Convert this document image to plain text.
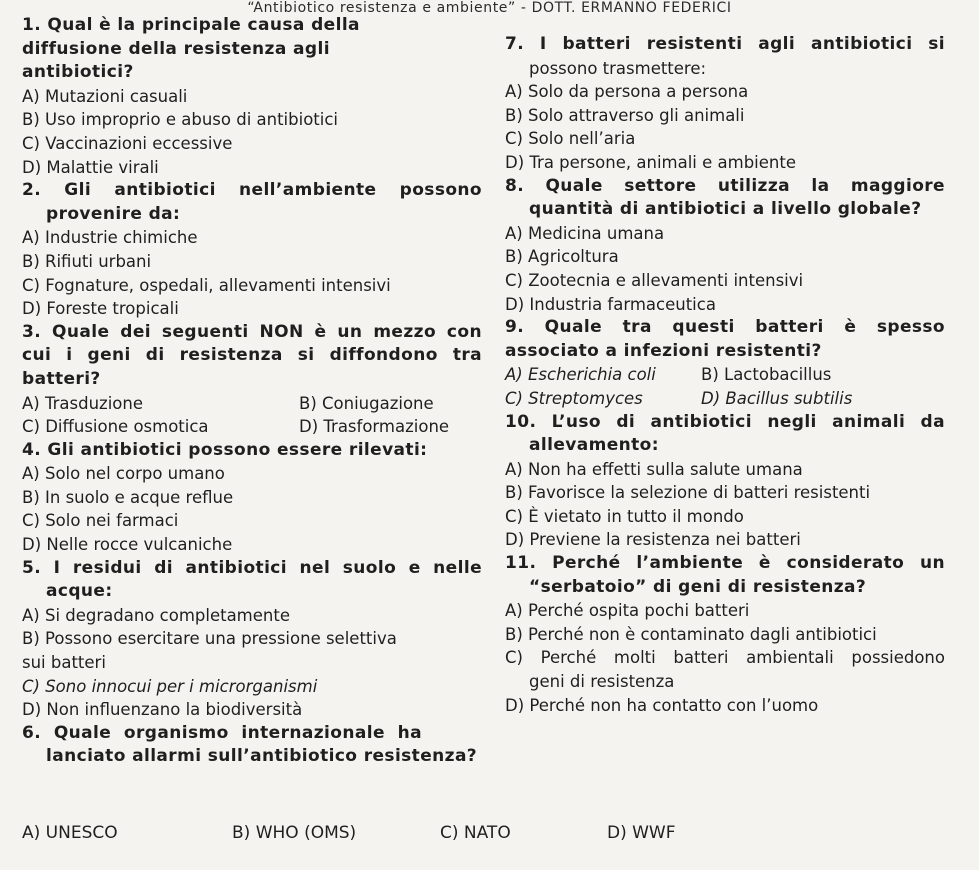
“Antibiotico resistenza e ambiente” - DOTT. ERMANNO FEDERICI
1. Qual è la principale causa della
diffusione della resistenza agli
antibiotici?
A) Mutazioni casuali
B) Uso improprio e abuso di antibiotici
C) Vaccinazioni eccessive
D) Malattie virali
2. Gli antibiotici nell’ambiente possono
provenire da:
A) Industrie chimiche
B) Rifiuti urbani
C) Fognature, ospedali, allevamenti intensivi
D) Foreste tropicali
3. Quale dei seguenti NON è un mezzo con
cui i geni di resistenza si diffondono tra
batteri?
A) Trasduzione	B) Coniugazione
C) Diffusione osmotica	D) Trasformazione
4. Gli antibiotici possono essere rilevati:
A) Solo nel corpo umano
B) In suolo e acque reflue
C) Solo nei farmaci
D) Nelle rocce vulcaniche
5. I residui di antibiotici nel suolo e nelle
acque:
A) Si degradano completamente
B) Possono esercitare una pressione selettiva
sui batteri
C) Sono innocui per i microrganismi
D) Non influenzano la biodiversità
6. Quale organismo internazionale ha
lanciato allarmi sull’antibiotico resistenza?
A) UNESCO	B) WHO (OMS)	C) NATO	D) WWF
7. I batteri resistenti agli antibiotici si
possono trasmettere:
A) Solo da persona a persona
B) Solo attraverso gli animali
C) Solo nell’aria
D) Tra persone, animali e ambiente
8. Quale settore utilizza la maggiore
quantità di antibiotici a livello globale?
A) Medicina umana
B) Agricoltura
C) Zootecnia e allevamenti intensivi
D) Industria farmaceutica
9. Quale tra questi batteri è spesso
associato a infezioni resistenti?
A) Escherichia coli	B) Lactobacillus
C) Streptomyces	D) Bacillus subtilis
10. L’uso di antibiotici negli animali da
allevamento:
A) Non ha effetti sulla salute umana
B) Favorisce la selezione di batteri resistenti
C) È vietato in tutto il mondo
D) Previene la resistenza nei batteri
11. Perché l’ambiente è considerato un
“serbatoio” di geni di resistenza?
A) Perché ospita pochi batteri
B) Perché non è contaminato dagli antibiotici
C) Perché molti batteri ambientali possiedono
geni di resistenza
D) Perché non ha contatto con l’uomo
